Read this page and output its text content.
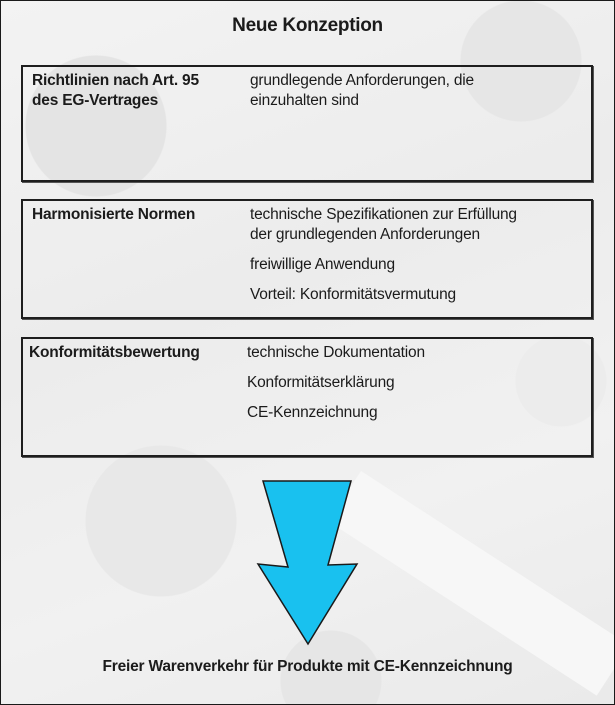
Neue Konzeption
Richtlinien nach Art. 95
des EG-Vertrages
grundlegende Anforderungen, die
einzuhalten sind
Harmonisierte Normen	technische Spezifikationen zur Erfüllung
der grundlegenden Anforderungen
freiwillige Anwendung
Vorteil: Konformitätsvermutung
Konformitätsbewertung	technische Dokumentation
Konformitätserklärung
CE-Kennzeichnung
Freier Warenverkehr für Produkte mit CE-Kennzeichnung
